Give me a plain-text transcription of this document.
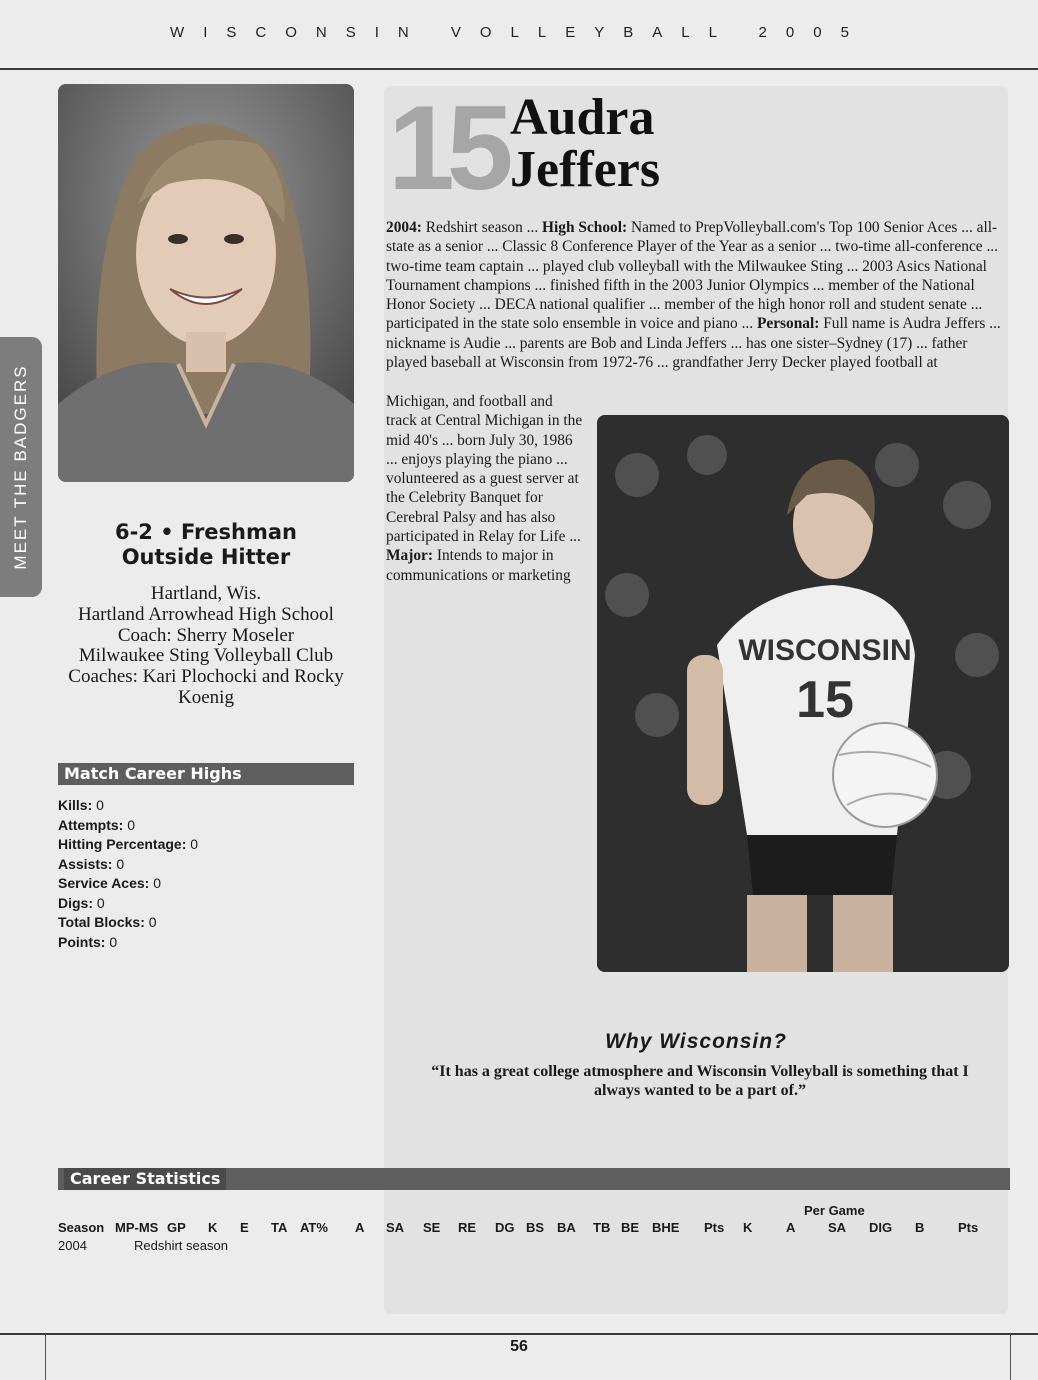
WISCONSIN VOLLEYBALL 2005
MEET THE BADGERS
15 Audra
Jeffers
2004: Redshirt season ... High School: Named to PrepVolleyball.com's Top 100 Senior Aces ... all-state as a senior ... Classic 8 Conference Player of the Year as a senior ... two-time all-conference ... two-time team captain ... played club volleyball with the Milwaukee Sting ... 2003 Asics National Tournament champions ... finished fifth in the 2003 Junior Olympics ... member of the National Honor Society ... DECA national qualifier ... member of the high honor roll and student senate ... participated in the state solo ensemble in voice and piano ... Personal: Full name is Audra Jeffers ... nickname is Audie ... parents are Bob and Linda Jeffers ... has one sister–Sydney (17) ... father played baseball at Wisconsin from 1972-76 ... grandfather Jerry Decker played football at
Michigan, and football and track at Central Michigan in the mid 40's ... born July 30, 1986 ... enjoys playing the piano ... volunteered as a guest server at the Celebrity Banquet for Cerebral Palsy and has also participated in Relay for Life ... Major: Intends to major in communications or marketing
WISCONSIN
15
6-2 • Freshman
Outside Hitter
Hartland, Wis.
Hartland Arrowhead High School
Coach: Sherry Moseler
Milwaukee Sting Volleyball Club
Coaches: Kari Plochocki and Rocky Koenig
Match Career Highs
Kills: 0
Attempts: 0
Hitting Percentage: 0
Assists: 0
Service Aces: 0
Digs: 0
Total Blocks: 0
Points: 0
Why Wisconsin?
“It has a great college atmosphere and Wisconsin Volleyball is something that I always wanted to be a part of.”
Career Statistics
Per Game
Season MP-MS GP K E TA AT% A SA SE RE DG BS BA TB BE BHE Pts K	A	SA DIG B	Pts
2004	Redshirt season
56
